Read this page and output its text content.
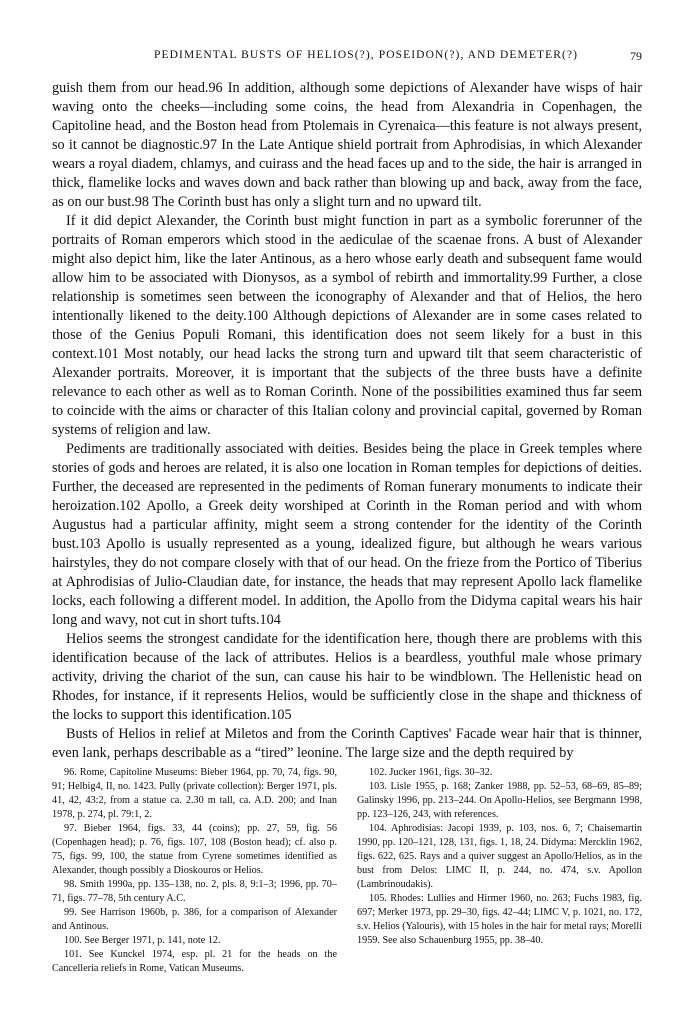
PEDIMENTAL BUSTS OF HELIOS(?), POSEIDON(?), AND DEMETER(?)	79

guish them from our head.96 In addition, although some depictions of Alexander have wisps of hair waving onto the cheeks—including some coins, the head from Alexandria in Copenhagen, the Capitoline head, and the Boston head from Ptolemais in Cyrenaica—this feature is not always present, so it cannot be diagnostic.97 In the Late Antique shield portrait from Aphrodisias, in which Alexander wears a royal diadem, chlamys, and cuirass and the head faces up and to the side, the hair is arranged in thick, flamelike locks and waves down and back rather than blowing up and back, away from the face, as on our bust.98 The Corinth bust has only a slight turn and no upward tilt.

If it did depict Alexander, the Corinth bust might function in part as a symbolic forerunner of the portraits of Roman emperors which stood in the aediculae of the scaenae frons. A bust of Alexander might also depict him, like the later Antinous, as a hero whose early death and subsequent fame would allow him to be associated with Dionysos, as a symbol of rebirth and immortality.99 Further, a close relationship is sometimes seen between the iconography of Alexander and that of Helios, the hero intentionally likened to the deity.100 Although depictions of Alexander are in some cases related to those of the Genius Populi Romani, this identification does not seem likely for a bust in this context.101 Most notably, our head lacks the strong turn and upward tilt that seem characteristic of Alexander portraits. Moreover, it is important that the subjects of the three busts have a definite relevance to each other as well as to Roman Corinth. None of the possibilities examined thus far seem to coincide with the aims or character of this Italian colony and provincial capital, governed by Roman systems of religion and law.

Pediments are traditionally associated with deities. Besides being the place in Greek temples where stories of gods and heroes are related, it is also one location in Roman temples for depictions of deities. Further, the deceased are represented in the pediments of Roman funerary monuments to indicate their heroization.102 Apollo, a Greek deity worshiped at Corinth in the Roman period and with whom Augustus had a particular affinity, might seem a strong contender for the identity of the Corinth bust.103 Apollo is usually represented as a young, idealized figure, but although he wears various hairstyles, they do not compare closely with that of our head. On the frieze from the Portico of Tiberius at Aphrodisias of Julio-Claudian date, for instance, the heads that may represent Apollo lack flamelike locks, each following a different model. In addition, the Apollo from the Didyma capital wears his hair long and wavy, not cut in short tufts.104

Helios seems the strongest candidate for the identification here, though there are problems with this identification because of the lack of attributes. Helios is a beardless, youthful male whose primary activity, driving the chariot of the sun, can cause his hair to be windblown. The Hellenistic head on Rhodes, for instance, if it represents Helios, would be sufficiently close in the shape and thickness of the locks to support this identification.105

Busts of Helios in relief at Miletos and from the Corinth Captives' Facade wear hair that is thinner, even lank, perhaps describable as a “tired” leonine. The large size and the depth required by

96. Rome, Capitoline Museums: Bieber 1964, pp. 70, 74, figs. 90, 91; Helbig4, II, no. 1423. Pully (private collection): Berger 1971, pls. 41, 42, 43:2, from a statue ca. 2.30 m tall, ca. A.D. 200; and Inan 1978, p. 274, pl. 79:1, 2.

97. Bieber 1964, figs. 33, 44 (coins); pp. 27, 59, fig. 56 (Copenhagen head); p. 76, figs. 107, 108 (Boston head); cf. also p. 75, figs. 99, 100, the statue from Cyrene sometimes identified as Alexander, though possibly a Dioskouros or Helios.

98. Smith 1990a, pp. 135–138, no. 2, pls. 8, 9:1–3; 1996, pp. 70–71, figs. 77–78, 5th century A.C.

99. See Harrison 1960b, p. 386, for a comparison of Alexander and Antinous.

100. See Berger 1971, p. 141, note 12.

101. See Kunckel 1974, esp. pl. 21 for the heads on the Cancelleria reliefs in Rome, Vatican Museums.

102. Jucker 1961, figs. 30–32.

103. Lisle 1955, p. 168; Zanker 1988, pp. 52–53, 68–69, 85–89; Galinsky 1996, pp. 213–244. On Apollo-Helios, see Bergmann 1998, pp. 123–126, 243, with references.

104. Aphrodisias: Jacopi 1939, p. 103, nos. 6, 7; Chaisemartin 1990, pp. 120–121, 128, 131, figs. 1, 18, 24. Didyma: Mercklin 1962, figs. 622, 625. Rays and a quiver suggest an Apollo/Helios, as in the bust from Delos: LIMC II, p. 244, no. 474, s.v. Apollon (Lambrinoudakis).

105. Rhodes: Lullies and Hirmer 1960, no. 263; Fuchs 1983, fig. 697; Merker 1973, pp. 29–30, figs. 42–44; LIMC V, p. 1021, no. 172, s.v. Helios (Yalouris), with 15 holes in the hair for metal rays; Morelli 1959. See also Schauenburg 1955, pp. 38–40.
